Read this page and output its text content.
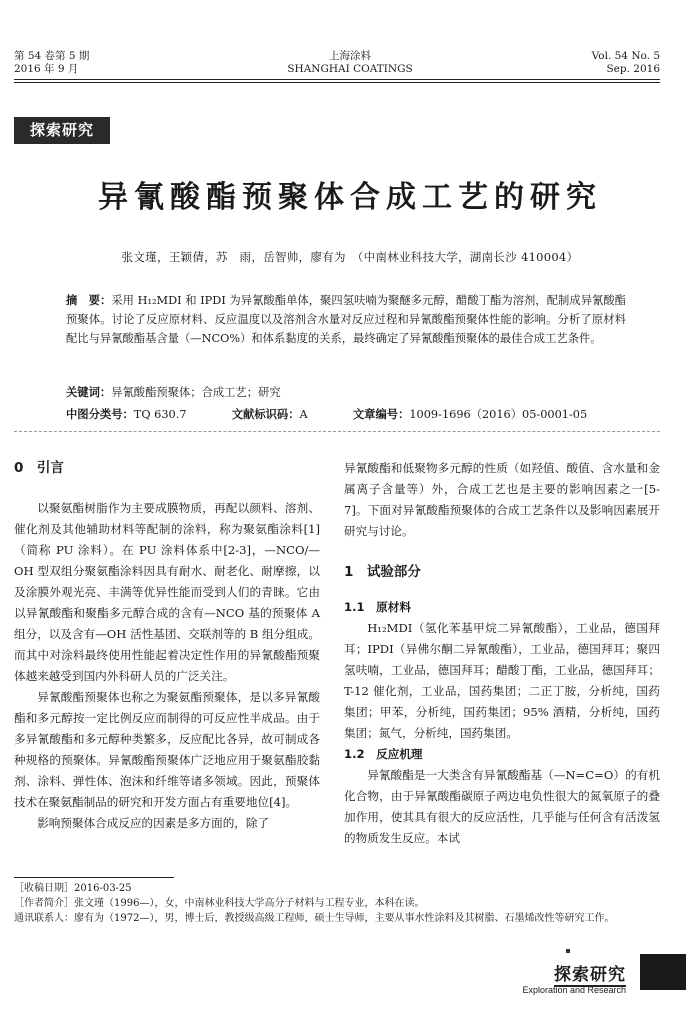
第 54 卷第 5 期
2016 年 9 月
上海涂料
SHANGHAI COATINGS
Vol. 54 No. 5
Sep. 2016
探索研究
异氰酸酯预聚体合成工艺的研究
张文瑾，王颖倩，苏　雨，岳智帅，廖有为　（中南林业科技大学，湖南长沙 410004）
摘　要：采用 H₁₂MDI 和 IPDI 为异氰酸酯单体，聚四氢呋喃为聚醚多元醇，醋酸丁酯为溶剂，配制成异氰酸酯预聚体。讨论了反应原材料、反应温度以及溶剂含水量对反应过程和异氰酸酯预聚体性能的影响。分析了原材料配比与异氰酸酯基含量（—NCO%）和体系黏度的关系，最终确定了异氰酸酯预聚体的最佳合成工艺条件。
关键词：异氰酸酯预聚体；合成工艺；研究
中图分类号：TQ 630.7	文献标识码：A	文章编号：1009-1696（2016）05-0001-05
0　引言

以聚氨酯树脂作为主要成膜物质，再配以颜料、溶剂、催化剂及其他辅助材料等配制的涂料，称为聚氨酯涂料[1]（简称 PU 涂料）。在 PU 涂料体系中[2-3]，—NCO/—OH 型双组分聚氨酯涂料因具有耐水、耐老化、耐摩擦，以及涂膜外观光亮、丰满等优异性能而受到人们的青睐。它由以异氰酸酯和聚酯多元醇合成的含有—NCO 基的预聚体 A 组分，以及含有—OH 活性基团、交联剂等的 B 组分组成。而其中对涂料最终使用性能起着决定性作用的异氰酸酯预聚体越来越受到国内外科研人员的广泛关注。

异氰酸酯预聚体也称之为聚氨酯预聚体，是以多异氰酸酯和多元醇按一定比例反应而制得的可反应性半成品。由于多异氰酸酯和多元醇种类繁多，反应配比各异，故可制成各种规格的预聚体。异氰酸酯预聚体广泛地应用于聚氨酯胶黏剂、涂料、弹性体、泡沫和纤维等诸多领域。因此，预聚体技术在聚氨酯制品的研究和开发方面占有重要地位[4]。

影响预聚体合成反应的因素是多方面的，除了

异氰酸酯和低聚物多元醇的性质（如羟值、酸值、含水量和金属离子含量等）外，合成工艺也是主要的影响因素之一[5-7]。下面对异氰酸酯预聚体的合成工艺条件以及影响因素展开研究与讨论。

1　试验部分
1.1　原材料

H₁₂MDI（氢化苯基甲烷二异氰酸酯），工业品，德国拜耳；IPDI（异佛尔酮二异氰酸酯），工业品，德国拜耳；聚四氢呋喃，工业品，德国拜耳；醋酸丁酯，工业品，德国拜耳；T-12 催化剂，工业品，国药集团；二正丁胺，分析纯，国药集团；甲苯，分析纯，国药集团；95% 酒精，分析纯，国药集团；氮气，分析纯，国药集团。

1.2　反应机理

异氰酸酯是一大类含有异氰酸酯基（—N=C=O）的有机化合物，由于异氰酸酯碳原子两边电负性很大的氮氧原子的叠加作用，使其具有很大的反应活性，几乎能与任何含有活泼氢的物质发生反应。本试

［收稿日期］2016-03-25
［作者简介］张文瑾（1996—），女，中南林业科技大学高分子材料与工程专业，本科在读。
通讯联系人：廖有为（1972—），男，博士后，教授级高级工程师，硕士生导师，主要从事水性涂料及其树脂、石墨烯改性等研究工作。
探索研究
Exploration and Research
